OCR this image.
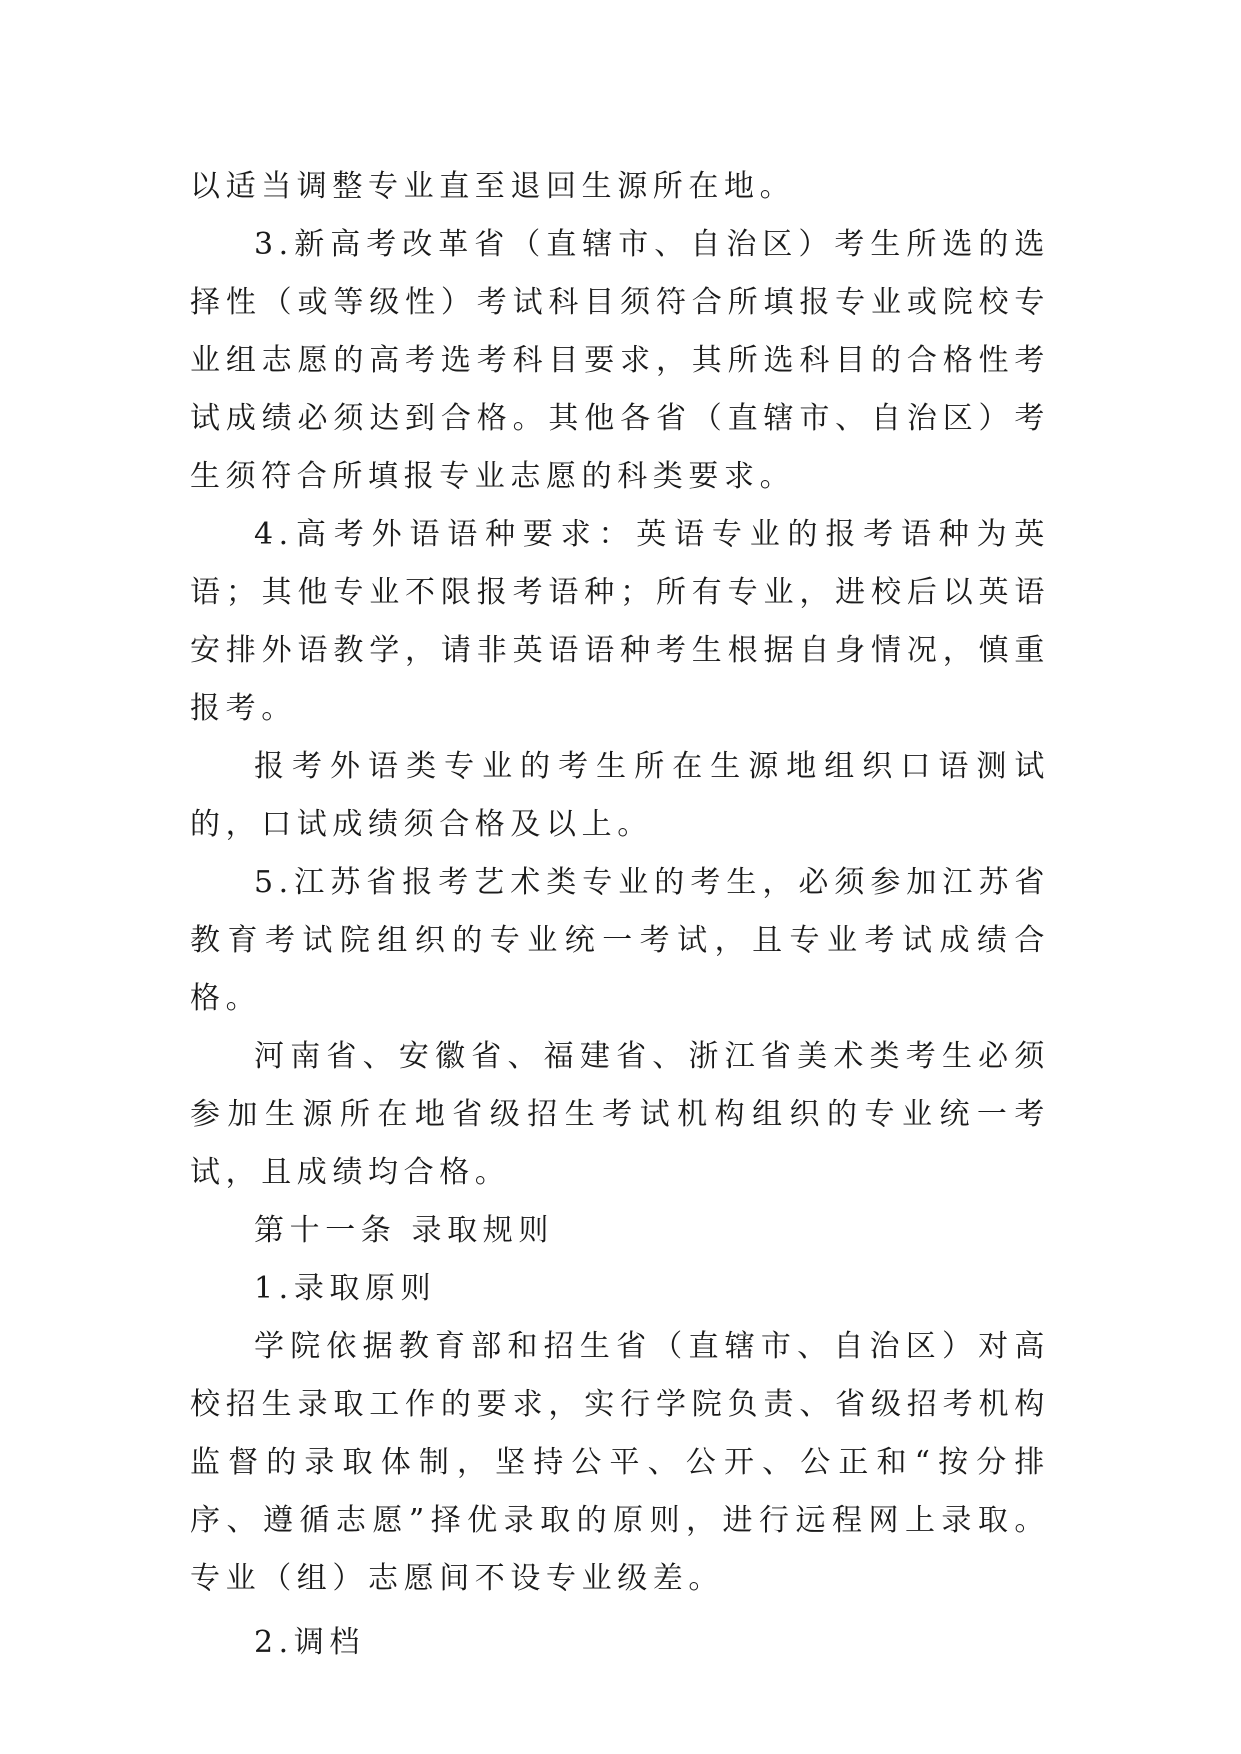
以适当调整专业直至退回生源所在地。

3.新高考改革省（直辖市、自治区）考生所选的选择性（或等级性）考试科目须符合所填报专业或院校专业组志愿的高考选考科目要求，其所选科目的合格性考试成绩必须达到合格。其他各省（直辖市、自治区）考生须符合所填报专业志愿的科类要求。

4.高考外语语种要求：英语专业的报考语种为英语；其他专业不限报考语种；所有专业，进校后以英语安排外语教学，请非英语语种考生根据自身情况，慎重报考。

报考外语类专业的考生所在生源地组织口语测试的，口试成绩须合格及以上。

5.江苏省报考艺术类专业的考生，必须参加江苏省教育考试院组织的专业统一考试，且专业考试成绩合格。

河南省、安徽省、福建省、浙江省美术类考生必须参加生源所在地省级招生考试机构组织的专业统一考试，且成绩均合格。

第十一条 录取规则

1.录取原则

学院依据教育部和招生省（直辖市、自治区）对高校招生录取工作的要求，实行学院负责、省级招考机构监督的录取体制，坚持公平、公开、公正和“按分排序、遵循志愿”择优录取的原则，进行远程网上录取。专业（组）志愿间不设专业级差。

2.调档
